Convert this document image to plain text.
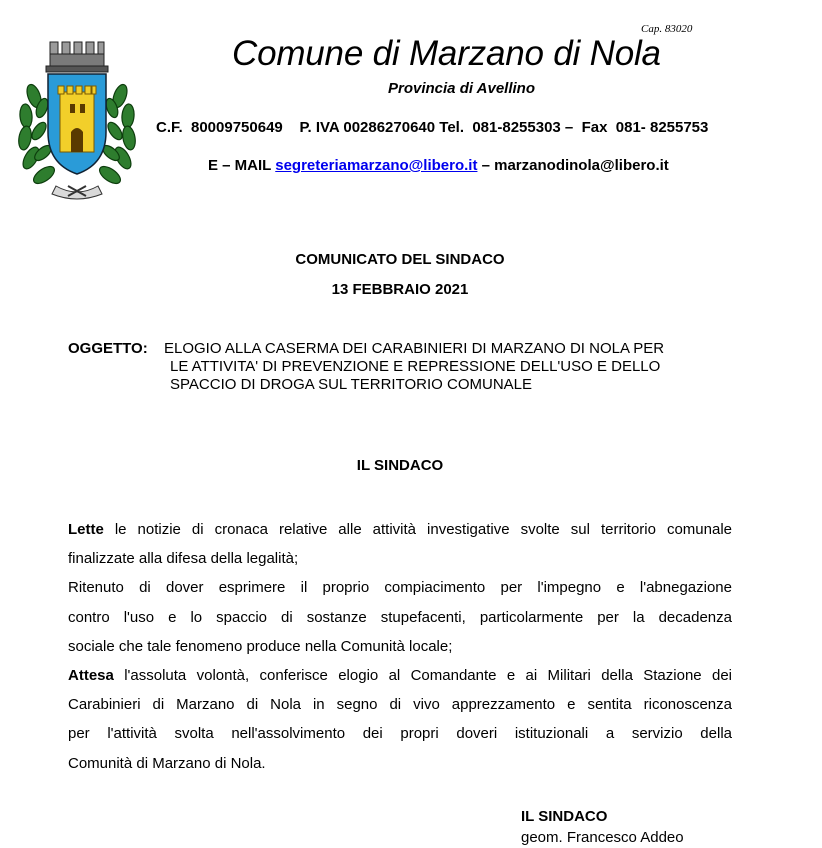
Cap. 83020
Comune di Marzano di Nola
Provincia di Avellino
C.F.  80009750649    P. IVA 00286270640 Tel.  081-8255303 –  Fax  081- 8255753
E – MAIL segreteriamarzano@libero.it – marzanodinola@libero.it
COMUNICATO DEL SINDACO
13 FEBBRAIO 2021
OGGETTO: ELOGIO ALLA CASERMA DEI CARABINIERI DI MARZANO DI NOLA PER
LE ATTIVITA' DI PREVENZIONE E REPRESSIONE DELL'USO E DELLO
SPACCIO DI DROGA SUL TERRITORIO COMUNALE
IL SINDACO
Lette le notizie di cronaca relative alle attività investigative svolte sul territorio comunale
finalizzate alla difesa della legalità;
Ritenuto di dover esprimere il proprio compiacimento per l'impegno e l'abnegazione
contro l'uso e lo spaccio di sostanze stupefacenti, particolarmente per la decadenza
sociale che tale fenomeno produce nella Comunità locale;
Attesa l'assoluta volontà, conferisce elogio al Comandante e ai Militari della Stazione dei
Carabinieri di Marzano di Nola in segno di vivo apprezzamento e sentita riconoscenza
per l'attività svolta nell'assolvimento dei propri doveri istituzionali a servizio della
Comunità di Marzano di Nola.
IL SINDACO
geom. Francesco Addeo
